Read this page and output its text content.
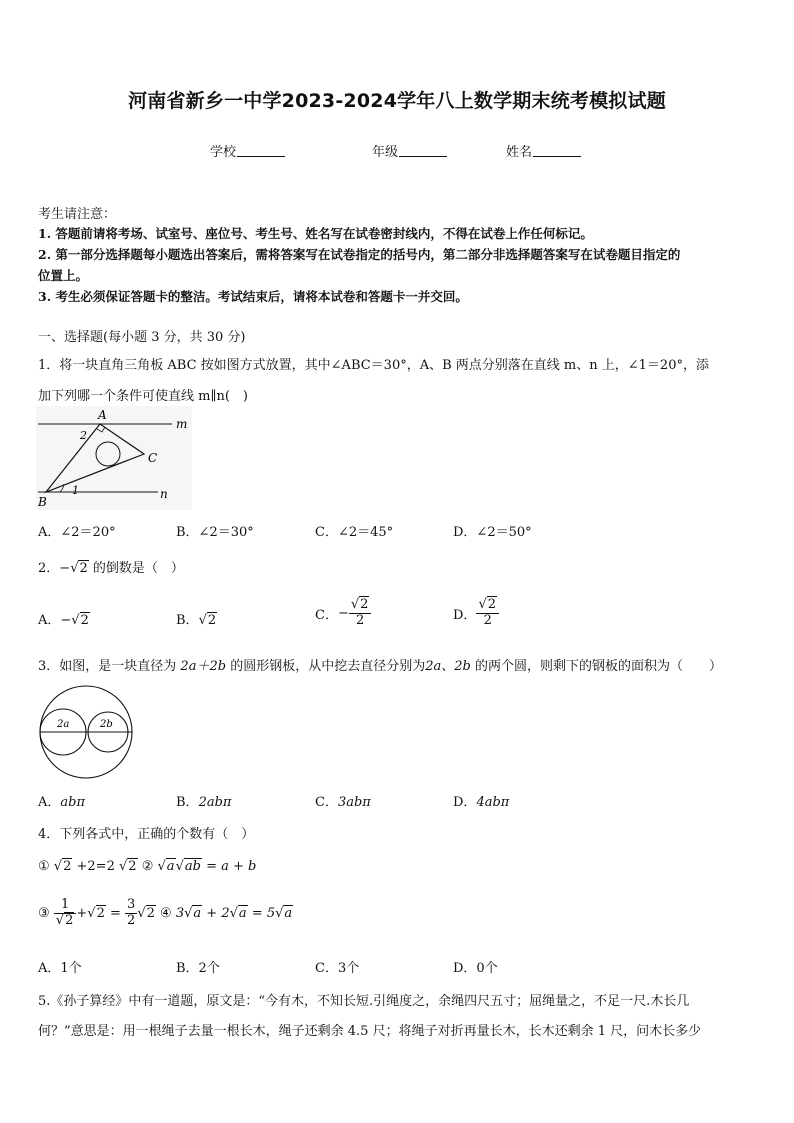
河南省新乡一中学2023-2024学年八上数学期末统考模拟试题
学校	年级	姓名
考生请注意：
1. 答题前请将考场、试室号、座位号、考生号、姓名写在试卷密封线内，不得在试卷上作任何标记。
2. 第一部分选择题每小题选出答案后，需将答案写在试卷指定的括号内，第二部分非选择题答案写在试卷题目指定的
位置上。
3. 考生必须保证答题卡的整洁。考试结束后，请将本试卷和答题卡一并交回。
一、选择题(每小题 3 分，共 30 分)
1．将一块直角三角板 ABC 按如图方式放置，其中∠ABC＝30°，A、B 两点分别落在直线 m、n 上，∠1＝20°，添
加下列哪一个条件可使直线 m∥n(　)
A
B
C
m
n
1
2
A．∠2＝20°	B．∠2＝30°	C．∠2＝45°	D．∠2＝50°
2．−√2 的倒数是（　）
A．−√2	B．√2	C．− $\frac{√2}{2}$	D． $\frac{√2}{2}$
3．如图，是一块直径为 2a＋2b 的圆形钢板，从中挖去直径分别为2a、2b 的两个圆，则剩下的钢板的面积为（　　）
2a	2b
A．abπ	B．2abπ	C．3abπ	D．4abπ
4．下列各式中，正确的个数有（　）
① √2 +2=2 √2 ② √a√ab = a + b
③ $\frac{1}{√2} +√2 = \frac{3}{2} √2$ ④ 3√a + 2√a = 5√a
A．1个	B．2个	C．3个	D．0个
5.《孙子算经》中有一道题，原文是：“今有木，不知长短.引绳度之，余绳四尺五寸；屈绳量之，不足一尺.木长几
何？”意思是：用一根绳子去量一根长木，绳子还剩余 4.5 尺；将绳子对折再量长木，长木还剩余 1 尺，问木长多少
